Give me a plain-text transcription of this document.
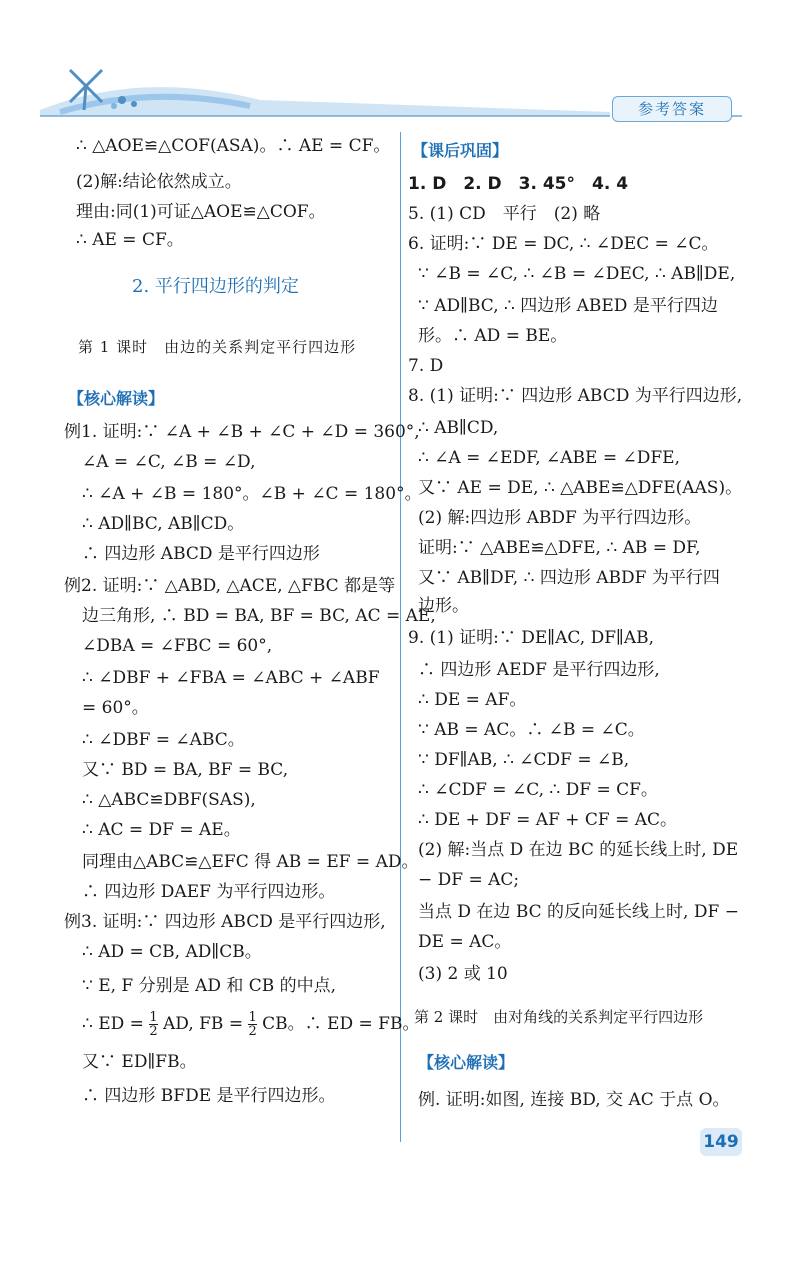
参考答案
∴ △AOE≌△COF(ASA)。∴ AE = CF。
(2)解:结论依然成立。
理由:同(1)可证△AOE≌△COF。
∴ AE = CF。
2. 平行四边形的判定
第 1 课时　由边的关系判定平行四边形
【核心解读】
例1. 证明:∵ ∠A + ∠B + ∠C + ∠D = 360°,
∠A = ∠C, ∠B = ∠D,
∴ ∠A + ∠B = 180°。∠B + ∠C = 180°。
∴ AD∥BC, AB∥CD。
∴ 四边形 ABCD 是平行四边形
例2. 证明:∵ △ABD, △ACE, △FBC 都是等
边三角形, ∴ BD = BA, BF = BC, AC = AE,
∠DBA = ∠FBC = 60°,
∴ ∠DBF + ∠FBA = ∠ABC + ∠ABF
= 60°。
∴ ∠DBF = ∠ABC。
又∵ BD = BA, BF = BC,
∴ △ABC≌DBF(SAS),
∴ AC = DF = AE。
同理由△ABC≌△EFC 得 AB = EF = AD。
∴ 四边形 DAEF 为平行四边形。
例3. 证明:∵ 四边形 ABCD 是平行四边形,
∴ AD = CB, AD∥CB。
∵ E, F 分别是 AD 和 CB 的中点,
∴ ED = $\frac{1}{2}$ AD, FB = $\frac{1}{2}$ CB。∴ ED = FB。
又∵ ED∥FB。
∴ 四边形 BFDE 是平行四边形。
【课后巩固】
1. D　2. D　3. 45°　4. 4
5. (1) CD　平行　(2) 略
6. 证明:∵ DE = DC, ∴ ∠DEC = ∠C。
∵ ∠B = ∠C, ∴ ∠B = ∠DEC, ∴ AB∥DE,
∵ AD∥BC, ∴ 四边形 ABED 是平行四边
形。∴ AD = BE。
7. D
8. (1) 证明:∵ 四边形 ABCD 为平行四边形,
∴ AB∥CD,
∴ ∠A = ∠EDF, ∠ABE = ∠DFE,
又∵ AE = DE, ∴ △ABE≌△DFE(AAS)。
(2) 解:四边形 ABDF 为平行四边形。
证明:∵ △ABE≌△DFE, ∴ AB = DF,
又∵ AB∥DF, ∴ 四边形 ABDF 为平行四
边形。
9. (1) 证明:∵ DE∥AC, DF∥AB,
∴ 四边形 AEDF 是平行四边形,
∴ DE = AF。
∵ AB = AC。∴ ∠B = ∠C。
∵ DF∥AB, ∴ ∠CDF = ∠B,
∴ ∠CDF = ∠C, ∴ DF = CF。
∴ DE + DF = AF + CF = AC。
(2) 解:当点 D 在边 BC 的延长线上时, DE
− DF = AC;
当点 D 在边 BC 的反向延长线上时, DF −
DE = AC。
(3) 2 或 10
第 2 课时　由对角线的关系判定平行四边形
【核心解读】
例. 证明:如图, 连接 BD, 交 AC 于点 O。
149
